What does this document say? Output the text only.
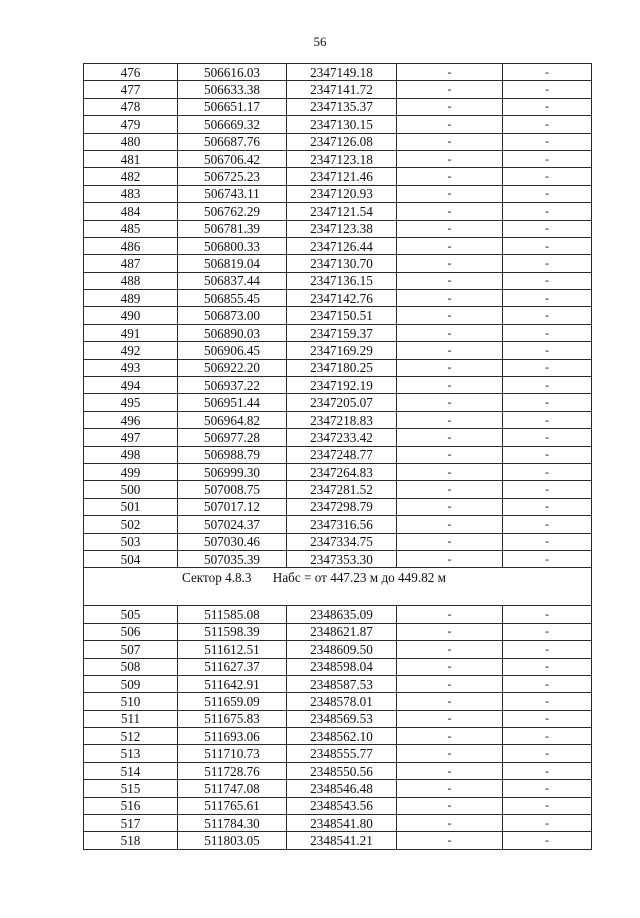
56
476	506616.03	2347149.18	-	-
477	506633.38	2347141.72	-	-
478	506651.17	2347135.37	-	-
479	506669.32	2347130.15	-	-
480	506687.76	2347126.08	-	-
481	506706.42	2347123.18	-	-
482	506725.23	2347121.46	-	-
483	506743.11	2347120.93	-	-
484	506762.29	2347121.54	-	-
485	506781.39	2347123.38	-	-
486	506800.33	2347126.44	-	-
487	506819.04	2347130.70	-	-
488	506837.44	2347136.15	-	-
489	506855.45	2347142.76	-	-
490	506873.00	2347150.51	-	-
491	506890.03	2347159.37	-	-
492	506906.45	2347169.29	-	-
493	506922.20	2347180.25	-	-
494	506937.22	2347192.19	-	-
495	506951.44	2347205.07	-	-
496	506964.82	2347218.83	-	-
497	506977.28	2347233.42	-	-
498	506988.79	2347248.77	-	-
499	506999.30	2347264.83	-	-
500	507008.75	2347281.52	-	-
501	507017.12	2347298.79	-	-
502	507024.37	2347316.56	-	-
503	507030.46	2347334.75	-	-
504	507035.39	2347353.30	-	-
Сектор 4.8.3 Набс = от 447.23 м до 449.82 м				
505	511585.08	2348635.09	-	-
506	511598.39	2348621.87	-	-
507	511612.51	2348609.50	-	-
508	511627.37	2348598.04	-	-
509	511642.91	2348587.53	-	-
510	511659.09	2348578.01	-	-
511	511675.83	2348569.53	-	-
512	511693.06	2348562.10	-	-
513	511710.73	2348555.77	-	-
514	511728.76	2348550.56	-	-
515	511747.08	2348546.48	-	-
516	511765.61	2348543.56	-	-
517	511784.30	2348541.80	-	-
518	511803.05	2348541.21	-	-
